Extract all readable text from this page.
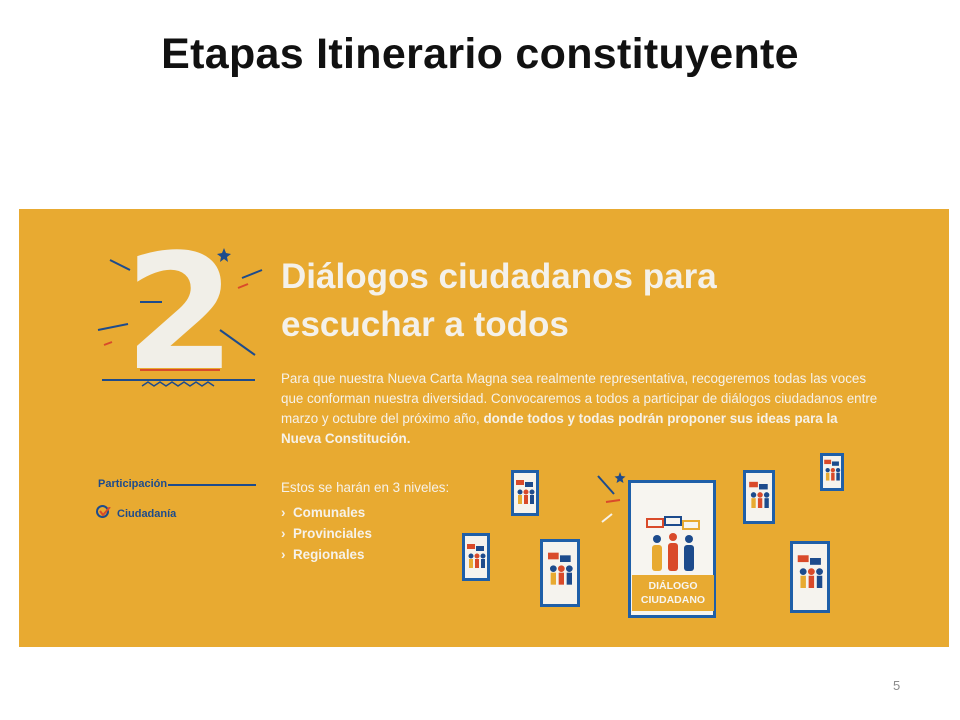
Etapas Itinerario constituyente
2 Diálogos ciudadanos para
escuchar a todos
Para que nuestra Nueva Carta Magna sea realmente representativa, recogeremos todas las voces que conforman nuestra diversidad. Convocaremos a todos a participar de diálogos ciudadanos entre marzo y octubre del próximo año, donde todos y todas podrán proponer sus ideas para la Nueva Constitución.
Participación
Ciudadanía
Estos se harán en 3 niveles:
› Comunales
› Provinciales
› Regionales
DIÁLOGO
CIUDADANO
5
